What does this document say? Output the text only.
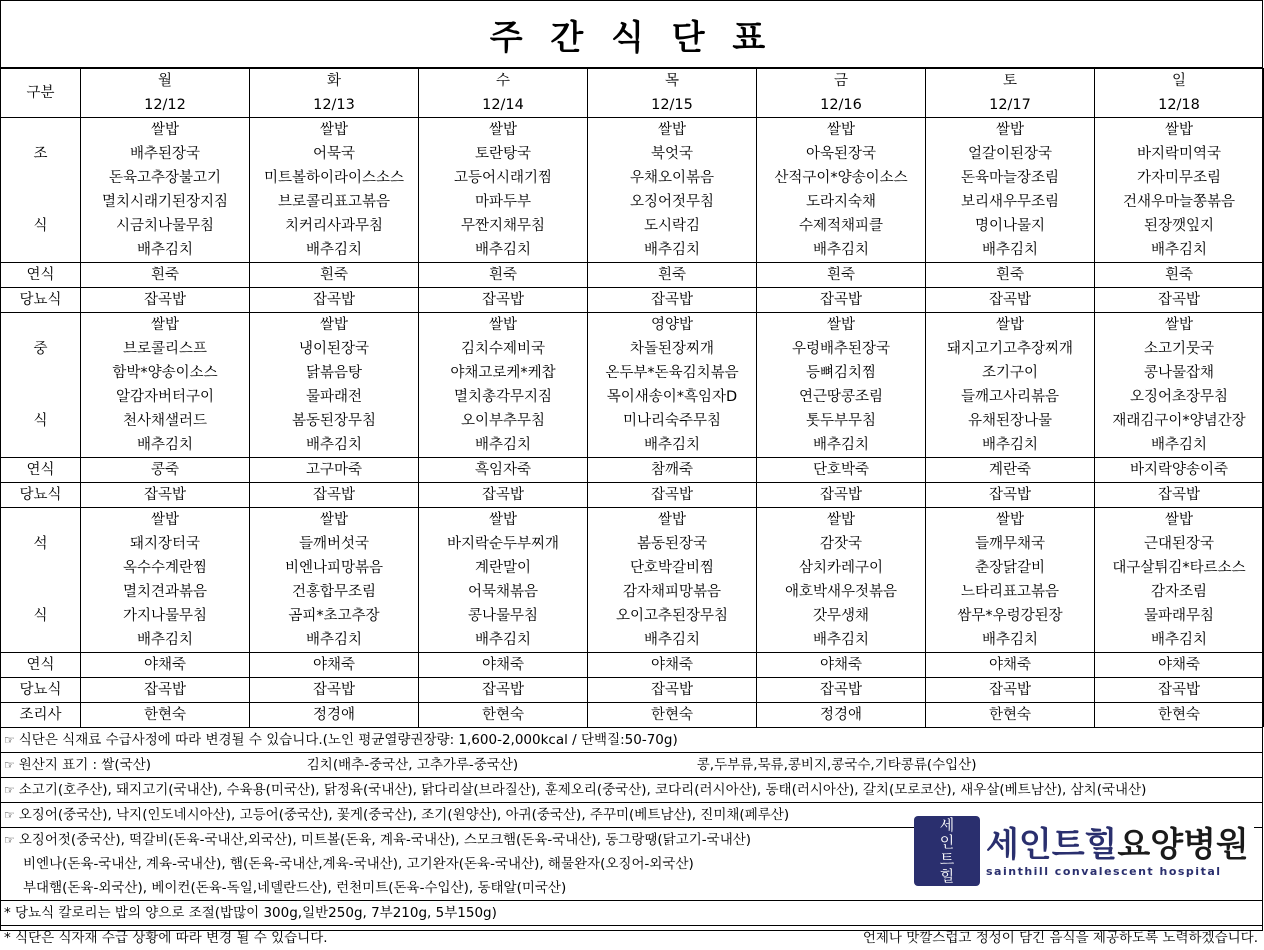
주 간 식 단 표
구분	월	화	수	목	금	토	일
	12/12	12/13	12/14	12/15	12/16	12/17	12/18
	쌀밥	쌀밥	쌀밥	쌀밥	쌀밥	쌀밥	쌀밥
조	배추된장국	어묵국	토란탕국	북엇국	아욱된장국	얼갈이된장국	바지락미역국
	돈육고추장불고기	미트볼하이라이스소스	고등어시래기찜	우채오이볶음	산적구이*양송이소스	돈육마늘장조림	가자미무조림
	멸치시래기된장지짐	브로콜리표고볶음	마파두부	오징어젓무침	도라지숙채	보리새우무조림	건새우마늘쫑볶음
식	시금치나물무침	치커리사과무침	무짠지채무침	도시락김	수제적채피클	명이나물지	된장깻잎지
	배추김치	배추김치	배추김치	배추김치	배추김치	배추김치	배추김치
연식	흰죽	흰죽	흰죽	흰죽	흰죽	흰죽	흰죽
당뇨식	잡곡밥	잡곡밥	잡곡밥	잡곡밥	잡곡밥	잡곡밥	잡곡밥
	쌀밥	쌀밥	쌀밥	영양밥	쌀밥	쌀밥	쌀밥
중	브로콜리스프	냉이된장국	김치수제비국	차돌된장찌개	우렁배추된장국	돼지고기고추장찌개	소고기뭇국
	함박*양송이소스	닭볶음탕	야채고로케*케찹	온두부*돈육김치볶음	등뼈김치찜	조기구이	콩나물잡채
	알감자버터구이	물파래전	멸치총각무지짐	목이새송이*흑임자D	연근땅콩조림	들깨고사리볶음	오징어초장무침
식	천사채샐러드	봄동된장무침	오이부추무침	미나리숙주무침	톳두부무침	유채된장나물	재래김구이*양념간장
	배추김치	배추김치	배추김치	배추김치	배추김치	배추김치	배추김치
연식	콩죽	고구마죽	흑임자죽	참깨죽	단호박죽	계란죽	바지락양송이죽
당뇨식	잡곡밥	잡곡밥	잡곡밥	잡곡밥	잡곡밥	잡곡밥	잡곡밥
	쌀밥	쌀밥	쌀밥	쌀밥	쌀밥	쌀밥	쌀밥
석	돼지장터국	들깨버섯국	바지락순두부찌개	봄동된장국	감잣국	들깨무채국	근대된장국
	옥수수계란찜	비엔나피망볶음	계란말이	단호박갈비찜	삼치카레구이	춘장닭갈비	대구살튀김*타르소스
	멸치견과볶음	건홍합무조림	어묵채볶음	감자채피망볶음	애호박새우젓볶음	느타리표고볶음	감자조림
식	가지나물무침	곰피*초고추장	콩나물무침	오이고추된장무침	갓무생채	쌈무*우렁강된장	물파래무침
	배추김치	배추김치	배추김치	배추김치	배추김치	배추김치	배추김치
연식	야채죽	야채죽	야채죽	야채죽	야채죽	야채죽	야채죽
당뇨식	잡곡밥	잡곡밥	잡곡밥	잡곡밥	잡곡밥	잡곡밥	잡곡밥
조리사	한현숙	정경애	한현숙	한현숙	정경애	한현숙	한현숙
☞ 식단은 식재료 수급사정에 따라 변경될 수 있습니다.(노인 평균열량권장량: 1,600-2,000kcal / 단백질:50-70g)
☞ 원산지 표기 : 쌀(국산)	김치(배추-중국산, 고추가루-중국산)	콩,두부류,묵류,콩비지,콩국수,기타콩류(수입산)
☞ 소고기(호주산), 돼지고기(국내산), 수육용(미국산), 닭정육(국내산), 닭다리살(브라질산), 훈제오리(중국산), 코다리(러시아산), 동태(러시아산), 갈치(모로코산), 새우살(베트남산), 삼치(국내산)
☞ 오징어(중국산), 낙지(인도네시아산), 고등어(중국산), 꽃게(중국산), 조기(원양산), 아귀(중국산), 주꾸미(베트남산), 진미채(페루산)
☞ 오징어젓(중국산), 떡갈비(돈육-국내산,외국산), 미트볼(돈육, 계육-국내산), 스모크햄(돈육-국내산), 동그랑땡(닭고기-국내산)
비엔나(돈육-국내산, 계육-국내산), 햄(돈육-국내산,계육-국내산), 고기완자(돈육-국내산), 해물완자(오징어-외국산)
부대햄(돈육-외국산), 베이컨(돈육-독일,네델란드산), 런천미트(돈육-수입산), 동태알(미국산)
* 당뇨식 칼로리는 밥의 양으로 조절(밥많이 300g,일반250g, 7부210g, 5부150g)
* 식단은 식자재 수급 상황에 따라 변경 될 수 있습니다.	언제나 맛깔스럽고 정성이 담긴 음식을 제공하도록 노력하겠습니다.
세
인
트
힐
세인트힐요양병원
sainthill convalescent hospital
